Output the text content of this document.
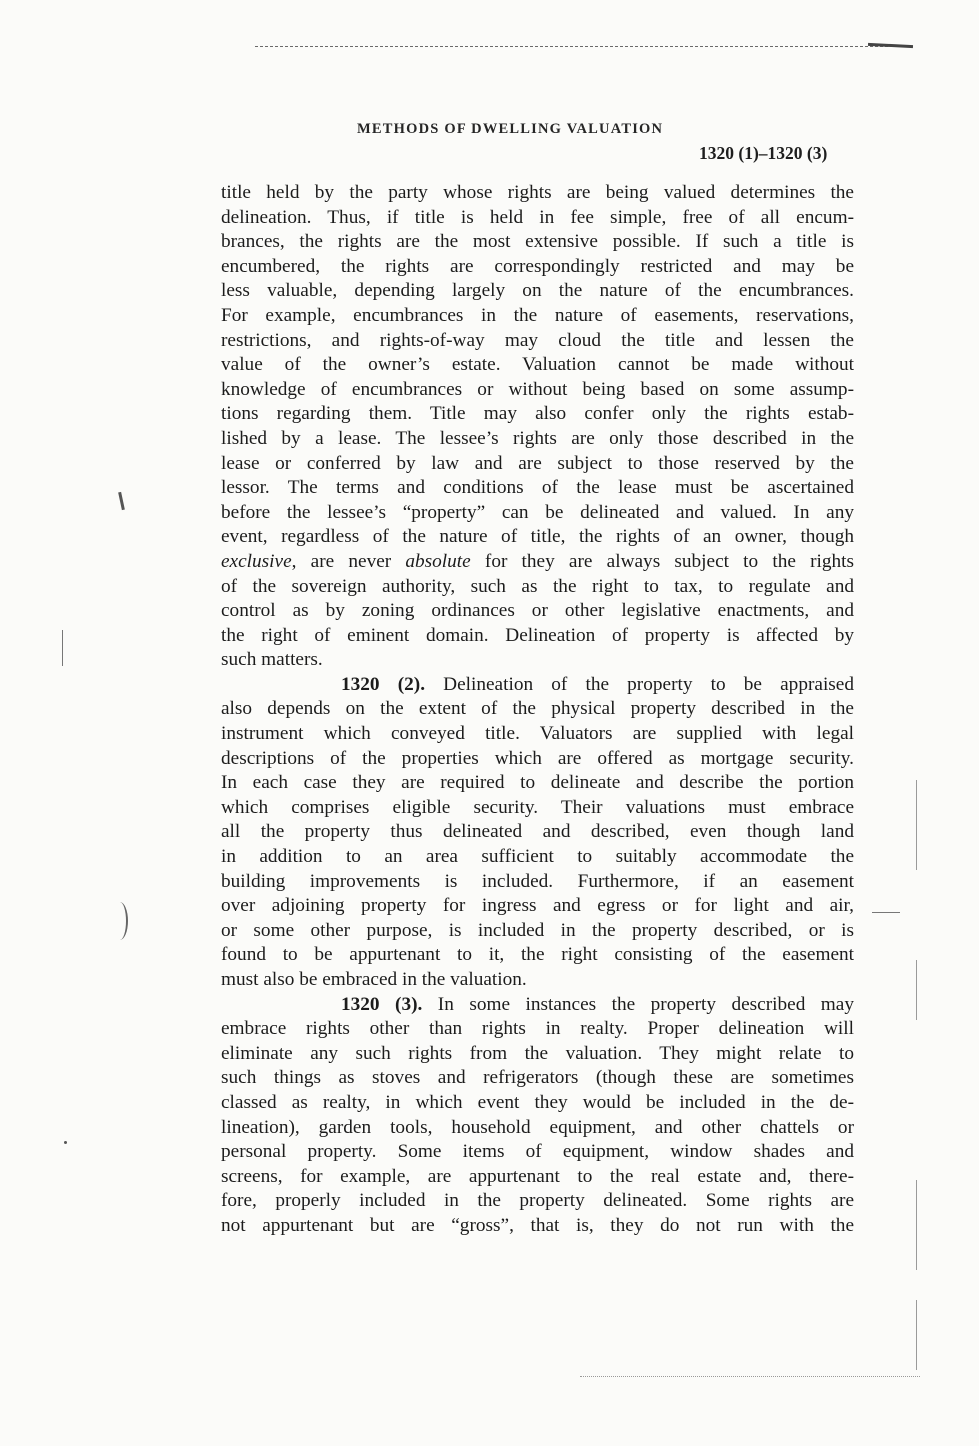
METHODS OF DWELLING VALUATION
1320 (1)–1320 (3)
title held by the party whose rights are being valued determines the
delineation. Thus, if title is held in fee simple, free of all encum-
brances, the rights are the most extensive possible. If such a title is
encumbered, the rights are correspondingly restricted and may be
less valuable, depending largely on the nature of the encumbrances.
For example, encumbrances in the nature of easements, reservations,
restrictions, and rights-of-way may cloud the title and lessen the
value of the owner’s estate. Valuation cannot be made without
knowledge of encumbrances or without being based on some assump-
tions regarding them. Title may also confer only the rights estab-
lished by a lease. The lessee’s rights are only those described in the
lease or conferred by law and are subject to those reserved by the
lessor. The terms and conditions of the lease must be ascertained
before the lessee’s “property” can be delineated and valued. In any
event, regardless of the nature of title, the rights of an owner, though
exclusive, are never absolute for they are always subject to the rights
of the sovereign authority, such as the right to tax, to regulate and
control as by zoning ordinances or other legislative enactments, and
the right of eminent domain. Delineation of property is affected by
such matters.
1320 (2). Delineation of the property to be appraised
also depends on the extent of the physical property described in the
instrument which conveyed title. Valuators are supplied with legal
descriptions of the properties which are offered as mortgage security.
In each case they are required to delineate and describe the portion
which comprises eligible security. Their valuations must embrace
all the property thus delineated and described, even though land
in addition to an area sufficient to suitably accommodate the
building improvements is included. Furthermore, if an easement
over adjoining property for ingress and egress or for light and air,
or some other purpose, is included in the property described, or is
found to be appurtenant to it, the right consisting of the easement
must also be embraced in the valuation.
1320 (3). In some instances the property described may
embrace rights other than rights in realty. Proper delineation will
eliminate any such rights from the valuation. They might relate to
such things as stoves and refrigerators (though these are sometimes
classed as realty, in which event they would be included in the de-
lineation), garden tools, household equipment, and other chattels or
personal property. Some items of equipment, window shades and
screens, for example, are appurtenant to the real estate and, there-
fore, properly included in the property delineated. Some rights are
not appurtenant but are “gross”, that is, they do not run with the
